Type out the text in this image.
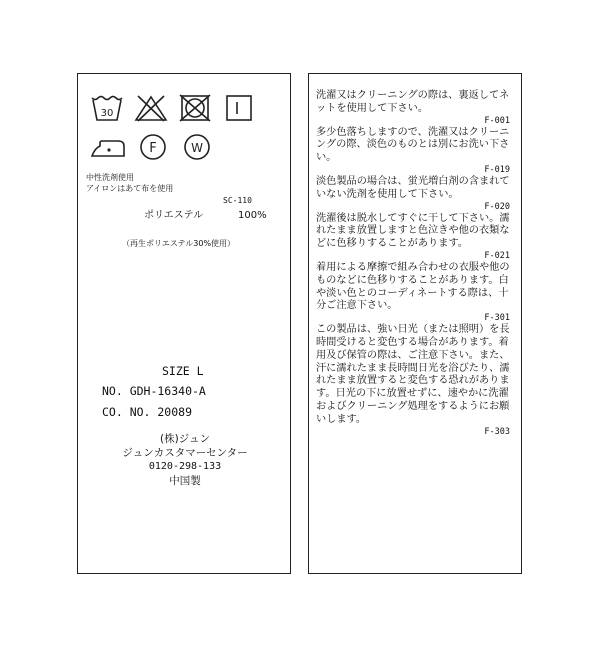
30
F	W
中性洗剤使用
アイロンはあて布を使用
SC-110
ポリエステル	100%
（再生ポリエステル30%使用）
SIZE L
NO. GDH-16340-A
CO. NO. 20089
(株)ジュン
ジュンカスタマーセンター
0120-298-133
中国製
洗濯又はクリーニングの際は、裏返してネットを使用して下さい。
F-001
多少色落ちしますので、洗濯又はクリーニングの際、淡色のものとは別にお洗い下さい。
F-019
淡色製品の場合は、蛍光増白剤の含まれていない洗剤を使用して下さい。
F-020
洗濯後は脱水してすぐに干して下さい。濡れたまま放置しますと色泣きや他の衣類などに色移りすることがあります。
F-021
着用による摩擦で組み合わせの衣服や他のものなどに色移りすることがあります。白や淡い色とのコーディネートする際は、十分ご注意下さい。
F-301
この製品は、強い日光（または照明）を長時間受けると変色する場合があります。着用及び保管の際は、ご注意下さい。また、汗に濡れたまま長時間日光を浴びたり、濡れたまま放置すると変色する恐れがあります。日光の下に放置せずに、速やかに洗濯およびクリーニング処理をするようにお願いします。
F-303
